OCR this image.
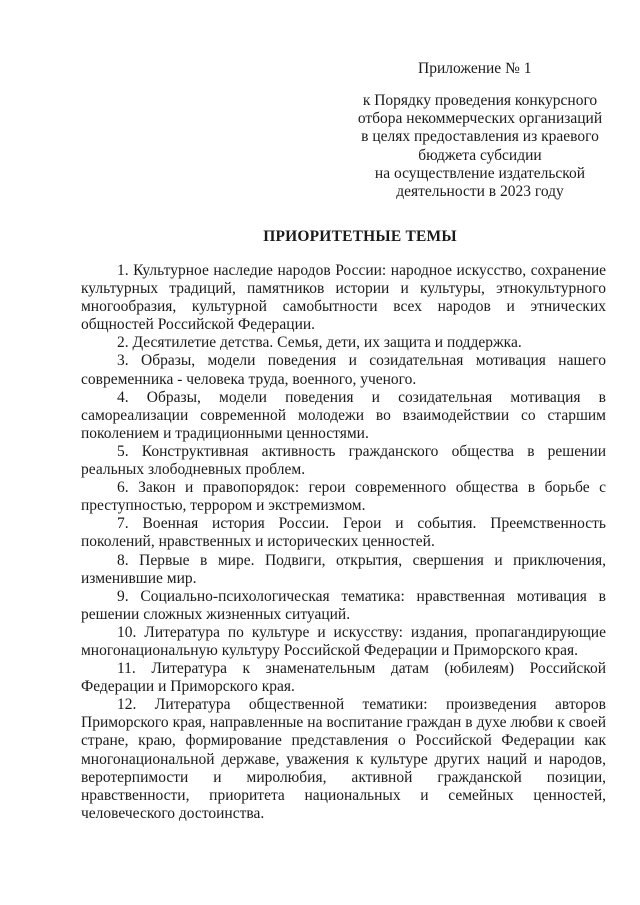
Приложение № 1
к Порядку проведения конкурсного
отбора некоммерческих организаций
в целях предоставления из краевого
бюджета субсидии
на осуществление издательской
деятельности в 2023 году
ПРИОРИТЕТНЫЕ ТЕМЫ

1. Культурное наследие народов России: народное искусство, сохранение культурных традиций, памятников истории и культуры, этнокультурного многообразия, культурной самобытности всех народов и этнических общностей Российской Федерации.

2. Десятилетие детства. Семья, дети, их защита и поддержка.

3. Образы, модели поведения и созидательная мотивация нашего современника - человека труда, военного, ученого.

4. Образы, модели поведения и созидательная мотивация в самореализации современной молодежи во взаимодействии со старшим поколением и традиционными ценностями.

5. Конструктивная активность гражданского общества в решении реальных злободневных проблем.

6. Закон и правопорядок: герои современного общества в борьбе с преступностью, террором и экстремизмом.

7. Военная история России. Герои и события. Преемственность поколений, нравственных и исторических ценностей.

8. Первые в мире. Подвиги, открытия, свершения и приключения, изменившие мир.

9. Социально-психологическая тематика: нравственная мотивация в решении сложных жизненных ситуаций.

10. Литература по культуре и искусству: издания, пропагандирующие многонациональную культуру Российской Федерации и Приморского края.

11. Литература к знаменательным датам (юбилеям) Российской Федерации и Приморского края.

12. Литература общественной тематики: произведения авторов Приморского края, направленные на воспитание граждан в духе любви к своей стране, краю, формирование представления о Российской Федерации как многонациональной державе, уважения к культуре других наций и народов, веротерпимости и миролюбия, активной гражданской позиции, нравственности, приоритета национальных и семейных ценностей, человеческого достоинства.
